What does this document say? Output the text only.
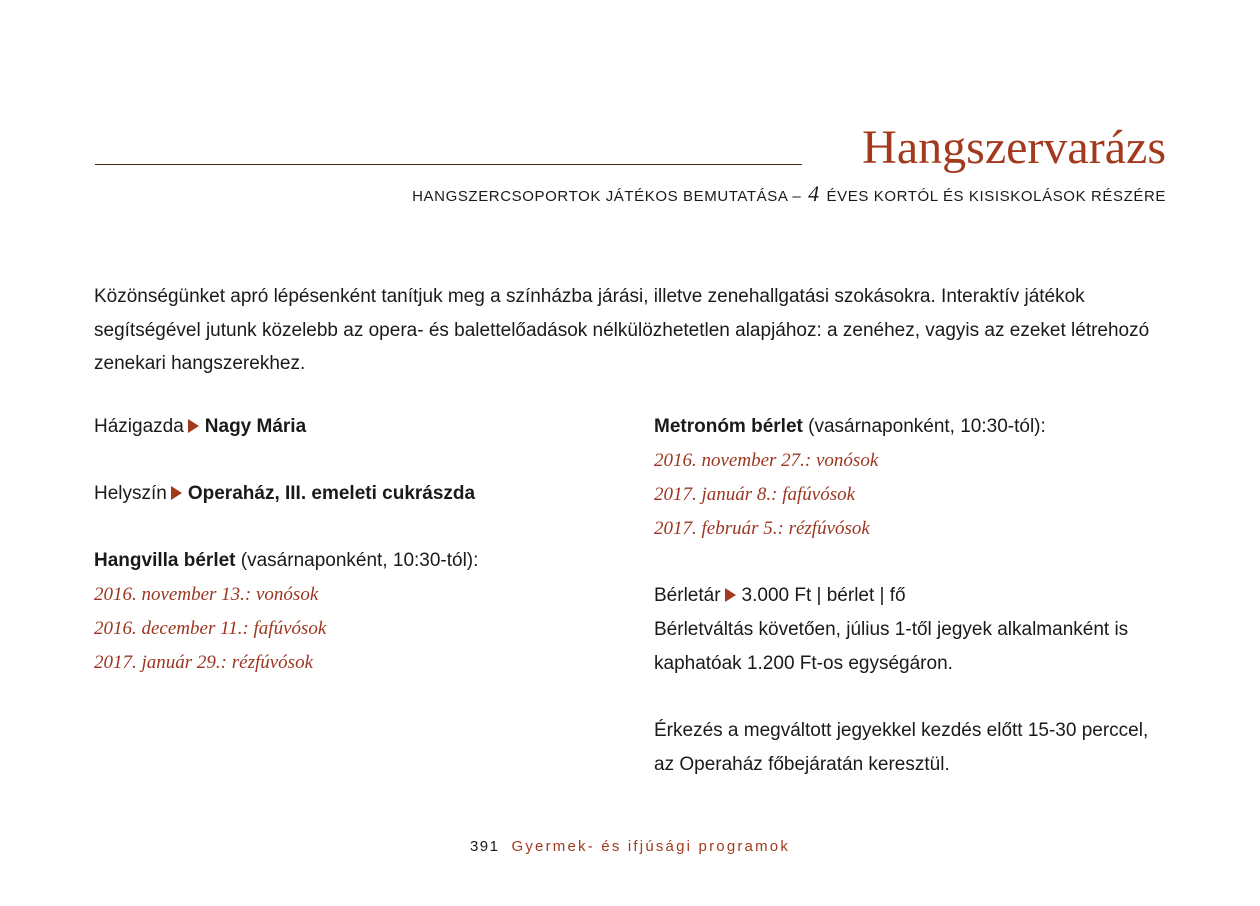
Hangszervarázs
HANGSZERCSOPORTOK JÁTÉKOS BEMUTATÁSA – 4 ÉVES KORTÓL ÉS KISISKOLÁSOK RÉSZÉRE

Közönségünket apró lépésenként tanítjuk meg a színházba járási, illetve zenehallgatási szokásokra. Interaktív játékok segítségével jutunk közelebb az opera- és balettelőadások nélkülözhetetlen alapjához: a zenéhez, vagyis az ezeket létrehozó zenekari hangszerekhez.

Házigazda Nagy Mária

Helyszín Operaház, III. emeleti cukrászda

Hangvilla bérlet (vasárnaponként, 10:30-tól):

2016. november 13.: vonósok

2016. december 11.: fafúvósok

2017. január 29.: rézfúvósok

Metronóm bérlet (vasárnaponként, 10:30-tól):

2016. november 27.: vonósok

2017. január 8.: fafúvósok

2017. február 5.: rézfúvósok

Bérletár 3.000 Ft | bérlet | fő

Bérletváltás követően, július 1-től jegyek alkalmanként is

kaphatóak 1.200 Ft-os egységáron.

Érkezés a megváltott jegyekkel kezdés előtt 15-30 perccel,

az Operaház főbejáratán keresztül.

391 Gyermek- és ifjúsági programok
